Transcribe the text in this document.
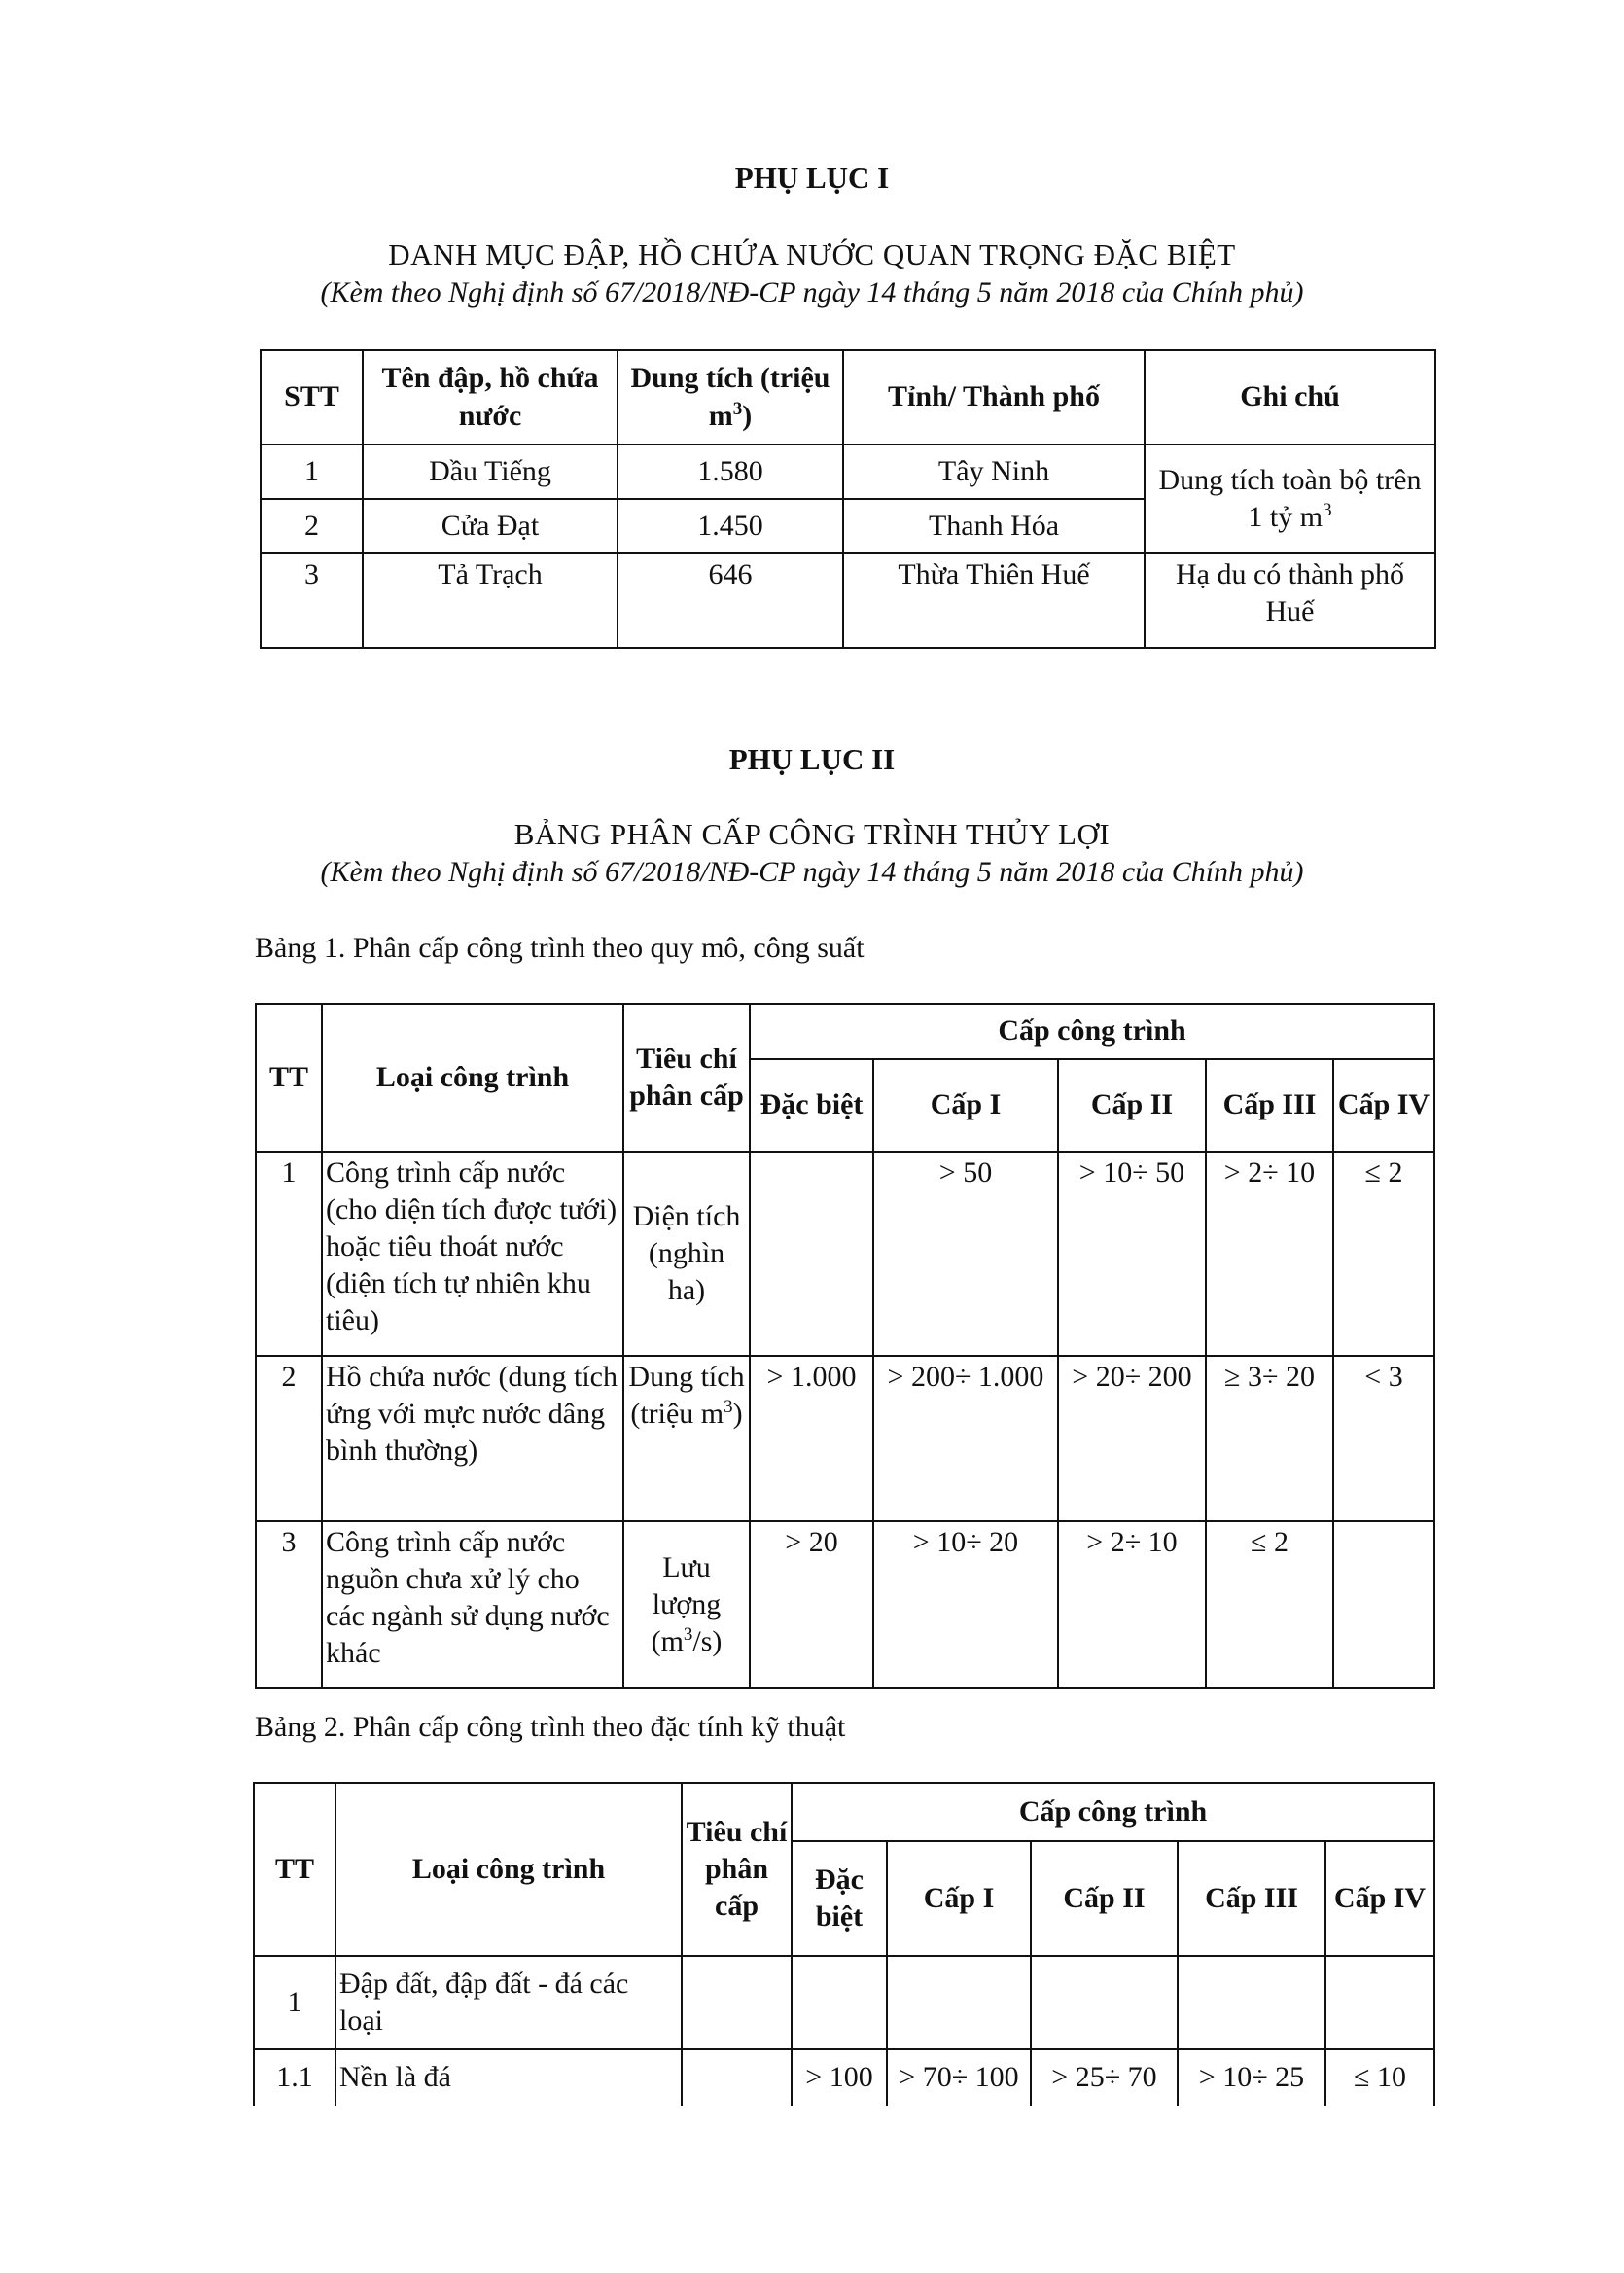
PHỤ LỤC I
DANH MỤC ĐẬP, HỒ CHỨA NƯỚC QUAN TRỌNG ĐẶC BIỆT
(Kèm theo Nghị định số 67/2018/NĐ-CP ngày 14 tháng 5 năm 2018 của Chính phủ)
STT	Tên đập, hồ chứa nước	Dung tích (triệu $m^3$)	Tỉnh/ Thành phố	Ghi chú
1	Dầu Tiếng	1.580	Tây Ninh	Dung tích toàn bộ trên 1 tỷ $m^3$
2	Cửa Đạt	1.450	Thanh Hóa	
3	Tả Trạch	646	Thừa Thiên Huế	Hạ du có thành phố Huế
PHỤ LỤC II
BẢNG PHÂN CẤP CÔNG TRÌNH THỦY LỢI
(Kèm theo Nghị định số 67/2018/NĐ-CP ngày 14 tháng 5 năm 2018 của Chính phủ)
Bảng 1. Phân cấp công trình theo quy mô, công suất
TT	Loại công trình	Tiêu chí phân cấp	Cấp công trình				
			Đặc biệt	Cấp I	Cấp II	Cấp III	Cấp IV
1	Công trình cấp nước (cho diện tích được tưới) hoặc tiêu thoát nước (diện tích tự nhiên khu tiêu)	Diện tích (nghìn ha)		> 50	> 10÷ 50	> 2÷ 10	≤ 2
2	Hồ chứa nước (dung tích ứng với mực nước dâng bình thường)	Dung tích (triệu $m^3$)	> 1.000	> 200÷ 1.000	> 20÷ 200	≥ 3÷ 20	< 3
3	Công trình cấp nước nguồn chưa xử lý cho các ngành sử dụng nước khác	Lưu lượng $(m^3/s)$	> 20	> 10÷ 20	> 2÷ 10	≤ 2	
Bảng 2. Phân cấp công trình theo đặc tính kỹ thuật
TT	Loại công trình	Tiêu chí phân cấp	Cấp công trình				
			Đặc biệt	Cấp I	Cấp II	Cấp III	Cấp IV
1	Đập đất, đập đất - đá các loại						
1.1	Nền là đá		> 100	> 70÷ 100	> 25÷ 70	> 10÷ 25	≤ 10
